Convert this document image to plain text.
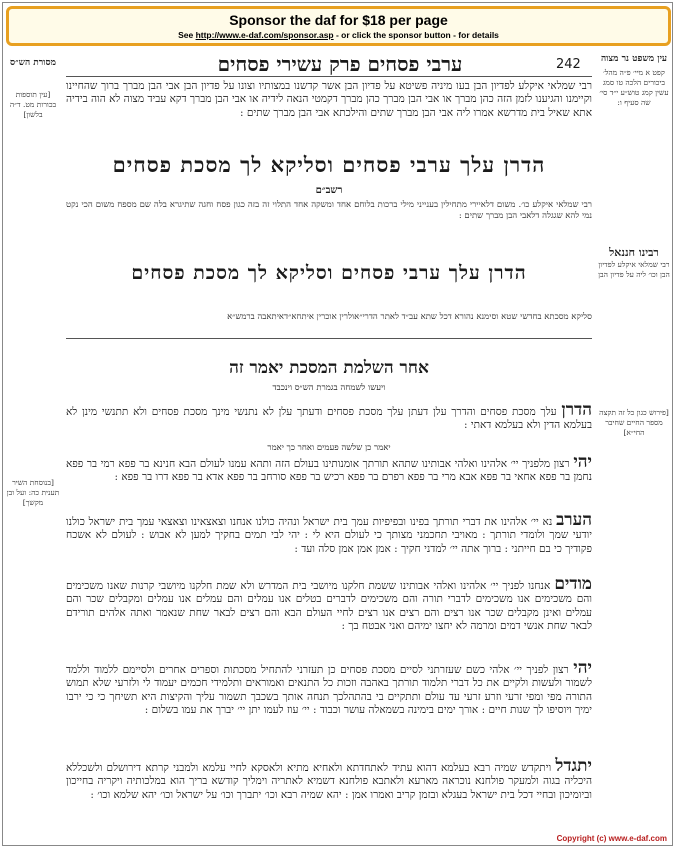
Sponsor the daf for $18 per page
See http://www.e-daf.com/sponsor.asp - or click the sponsor button - for details
עין משפט נר מצוה
קפט א מיי׳ פ״ה מהל׳ ביכורים הלכה טו סמג עשין קמג טוש״ע י״ד סי׳ שה סעיף ו:
מסורת הש״ס
[עין תוספות בכורות מט. ד״ה בלשון]
רבינו חננאל
רבי שמלאי איקלע לפדיון הבן וכו׳ ליה על פדיון הבן
[בנוסחת השיר תענית כה: ועל ובן מקשך]
[פירוש כגון כל זה תקצה מספר החיים שחיבר החי״א]
242
ערבי פסחים פרק עשירי פסחים
רבי שמלאי איקלע לפדיון הבן בעו מיניה פשיטא על פדיון הבן אשר קדשנו במצותיו וצונו על פדיון הבן אבי הבן מברך ברוך שהחיינו וקיימנו והגיענו לזמן הזה כהן מברך או אבי הבן מברך כהן מברך דקמטי הנאה לידיה או אבי הבן מברך דקא עביד מצוה לא הוה בידיה אתא שאיל בית מדרשא אמרו ליה אבי הבן מברך שתים והילכתא אבי הבן מברך שתים :
הדרן עלך ערבי פסחים וסליקא לך מסכת פסחים
רשב״ם
רבי שמלאי איקלע כו׳. משום דלאיירי מתחילין בענייני מילי ברכות בלוחם אחד ומשקה אחד התלוי זה בזה כגון פסח וחגה שתיגרא בלה שם מספח משום הכי נקט נמי להא שגגלה דלאבי הבן מברך שתים :
הדרן עלך ערבי פסחים וסליקא לך מסכת פסחים
סליקא מסכתא בחדשי שטא וסימנא נהורא דכל שתא עב״ד לאתר הדרי״אולרין אוכרין איתחא״דאיתאבה ברמש״א
אחר השלמת המסכת יאמר זה
ויעשו לשמחה בגמרת הש״ס וינכבד
הדרן עלך מסכת פסחים והדרך עלן דעתן עלך מסכת פסחים ודעתך עלן לא נתנשי מינך מסכת פסחים ולא תתנשי מינן לא בעלמא הדין ולא בעלמא דאתי :
יאמר כן שלשה פעמים ואחר כך יאמר
יהי רצון מלפניך יי׳ אלהינו ואלהי אבותינו שתהא תורתך אומנותינו בעולם הזה ותהא עמנו לעולם הבא חנינא בר פפא רמי בר פפא נחמן בר פפא אחאי בר פפא אבא מרי בר פפא רפרם בר פפא רכיש בר פפא סורחב בר פפא אדא בר פפא דרו בר פפא :
הערב נא יי׳ אלהינו את דברי תורתך בפינו ובפיפיות עמך בית ישראל ונהיה כולנו אנחנו וצאצאינו וצאצאי עמך בית ישראל כולנו יודעי שמך ולומדי תורתך : מאויבי תחכמני מצותך כי לעולם היא לי : יהי לבי תמים בחקיך למען לא אבוש : לעולם לא אשכח פקודיך כי בם חייתני : ברוך אתה יי׳ למדני חקיך : אמן אמן אמן סלה ועד :
מודים אנחנו לפניך יי׳ אלהינו ואלהי אבותינו ששמת חלקנו מיושבי בית המדרש ולא שמת חלקנו מיושבי קרנות שאנו משכימים והם משכימים אנו משכימים לדברי תורה והם משכימים לדברים בטלים אנו עמלים והם עמלים אנו עמלים ומקבלים שכר והם עמלים ואינן מקבלים שכר אנו רצים והם רצים אנו רצים לחיי העולם הבא והם רצים לבאר שחת שנאמר ואתה אלהים תורידם לבאר שחת אנשי דמים ומרמה לא יחצו ימיהם ואני אבטח בך :
יהי רצון לפניך יי׳ אלהי כשם שעזרתני לסיים מסכת פסחים כן תעזרני להתחיל מסכתות וספרים אחרים ולסיימם ללמוד וללמד לשמור ולעשות ולקיים את כל דברי תלמוד תורתך באהבה וזכות כל התנאים ואמוראים ותלמידי חכמים יעמוד לי ולזרעי שלא תמוש התורה מפי ומפי זרעי וזרע זרעי עד עולם ותתקיים בי בהתהלכך תנחה אותך בשכבך תשמור עליך והקיצות היא תשיחך כי כי ירבו ימיך ויוסיפו לך שנות חיים : אורך ימים בימינה בשמאלה עושר וכבוד : יי׳ עוז לעמו יתן יי׳ יברך את עמו בשלום :
יתגדל ויתקדש שמיה רבא בעלמא דהוא עתיד לאתחדתא ולאחיא מתיא ולאסקא לחיי עלמא ולמבני קרתא דירושלם ולשכללא היכליה בגוה ולמעקר פולחנא נוכראה מארעא ולאתבא פולחנא דשמיא לאתריה וימליך קודשא בריך הוא במלכותיה ויקריה בחייכון וביומיכון ובחיי דכל בית ישראל בעגלא ובזמן קריב ואמרו אמן : יהא שמיה רבא וכו׳ יתברך וכו׳ על ישראל וכו׳ יהא שלמא וכו׳ :
Copyright (c) www.e-daf.com
